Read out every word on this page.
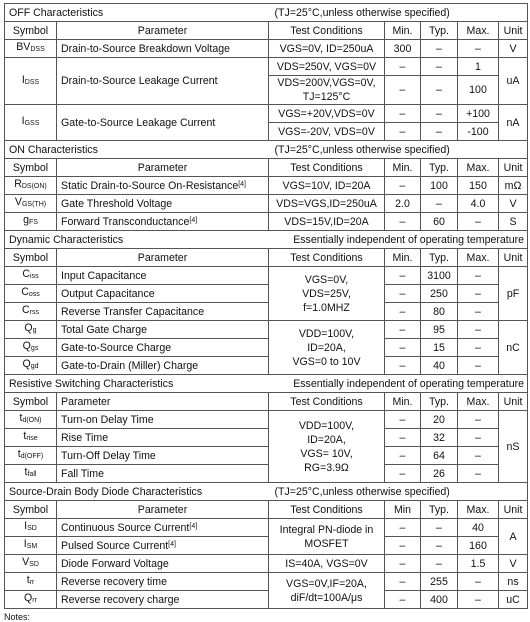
OFF Characteristics		(TJ=25°C,unless otherwise specified)				
Symbol	Parameter	Test Conditions	Min.	Typ.	Max.	Unit
$BV_{DSS}$	Drain-to-Source Breakdown Voltage	VGS=0V, ID=250uA	300	–	–	V
$I_{DSS}$	Drain-to-Source Leakage Current	VDS=250V, VGS=0V	–	–	1	uA
		VDS=200V,VGS=0V,
TJ=125°C	–	–	100	
$I_{GSS}$	Gate-to-Source Leakage Current	VGS=+20V,VDS=0V	–	–	+100	nA
		VGS=-20V, VDS=0V	–	–	-100	
ON Characteristics		(TJ=25°C,unless otherwise specified)				
Symbol	Parameter	Test Conditions	Min.	Typ.	Max.	Unit
$R_{DS(ON)}$	Static Drain-to-Source On-Resistance[4]	VGS=10V, ID=20A	–	100	150	mΩ
$V_{GS(TH)}$	Gate Threshold Voltage	VDS=VGS,ID=250uA	2.0	–	4.0	V
$g_{FS}$	Forward Transconductance[4]	VDS=15V,ID=20A	–	60	–	S
Dynamic Characteristics		Essentially independent of operating temperature				
Symbol	Parameter	Test Conditions	Min.	Typ.	Max.	Unit
$C_{iss}$	Input Capacitance	VGS=0V,
VDS=25V,
f=1.0MHZ	–	3100	–	pF
$C_{oss}$	Output Capacitance		–	250	–	
$C_{rss}$	Reverse Transfer Capacitance		–	80	–	
$Q_g$	Total Gate Charge	VDD=100V,
ID=20A,
VGS=0 to 10V	–	95	–	nC
$Q_{gs}$	Gate-to-Source Charge		–	15	–	
$Q_{gd}$	Gate-to-Drain (Miller) Charge		–	40	–	
Resistive Switching Characteristics		Essentially independent of operating temperature				
Symbol	Parameter	Test Conditions	Min.	Typ.	Max.	Unit
$t_{d(ON)}$	Turn-on Delay Time	VDD=100V,
ID=20A,
VGS= 10V,
RG=3.9Ω	–	20	–	nS
$t_{rise}$	Rise Time		–	32	–	
$t_{d(OFF)}$	Turn-Off Delay Time		–	64	–	
$t_{fall}$	Fall Time		–	26	–	
Source-Drain Body Diode Characteristics		(TJ=25°C,unless otherwise specified)				
Symbol	Parameter	Test Conditions	Min	Typ.	Max.	Unit
$I_{SD}$	Continuous Source Current[4]	Integral PN-diode in
MOSFET	–	–	40	A
$I_{SM}$	Pulsed Source Current[4]		–	–	160	
$V_{SD}$	Diode Forward Voltage	IS=40A, VGS=0V	–	–	1.5	V
$t_{rr}$	Reverse recovery time	VGS=0V,IF=20A,
diF/dt=100A/μs	–	255	–	ns
$Q_{rr}$	Reverse recovery charge		–	400	–	uC
Notes:
